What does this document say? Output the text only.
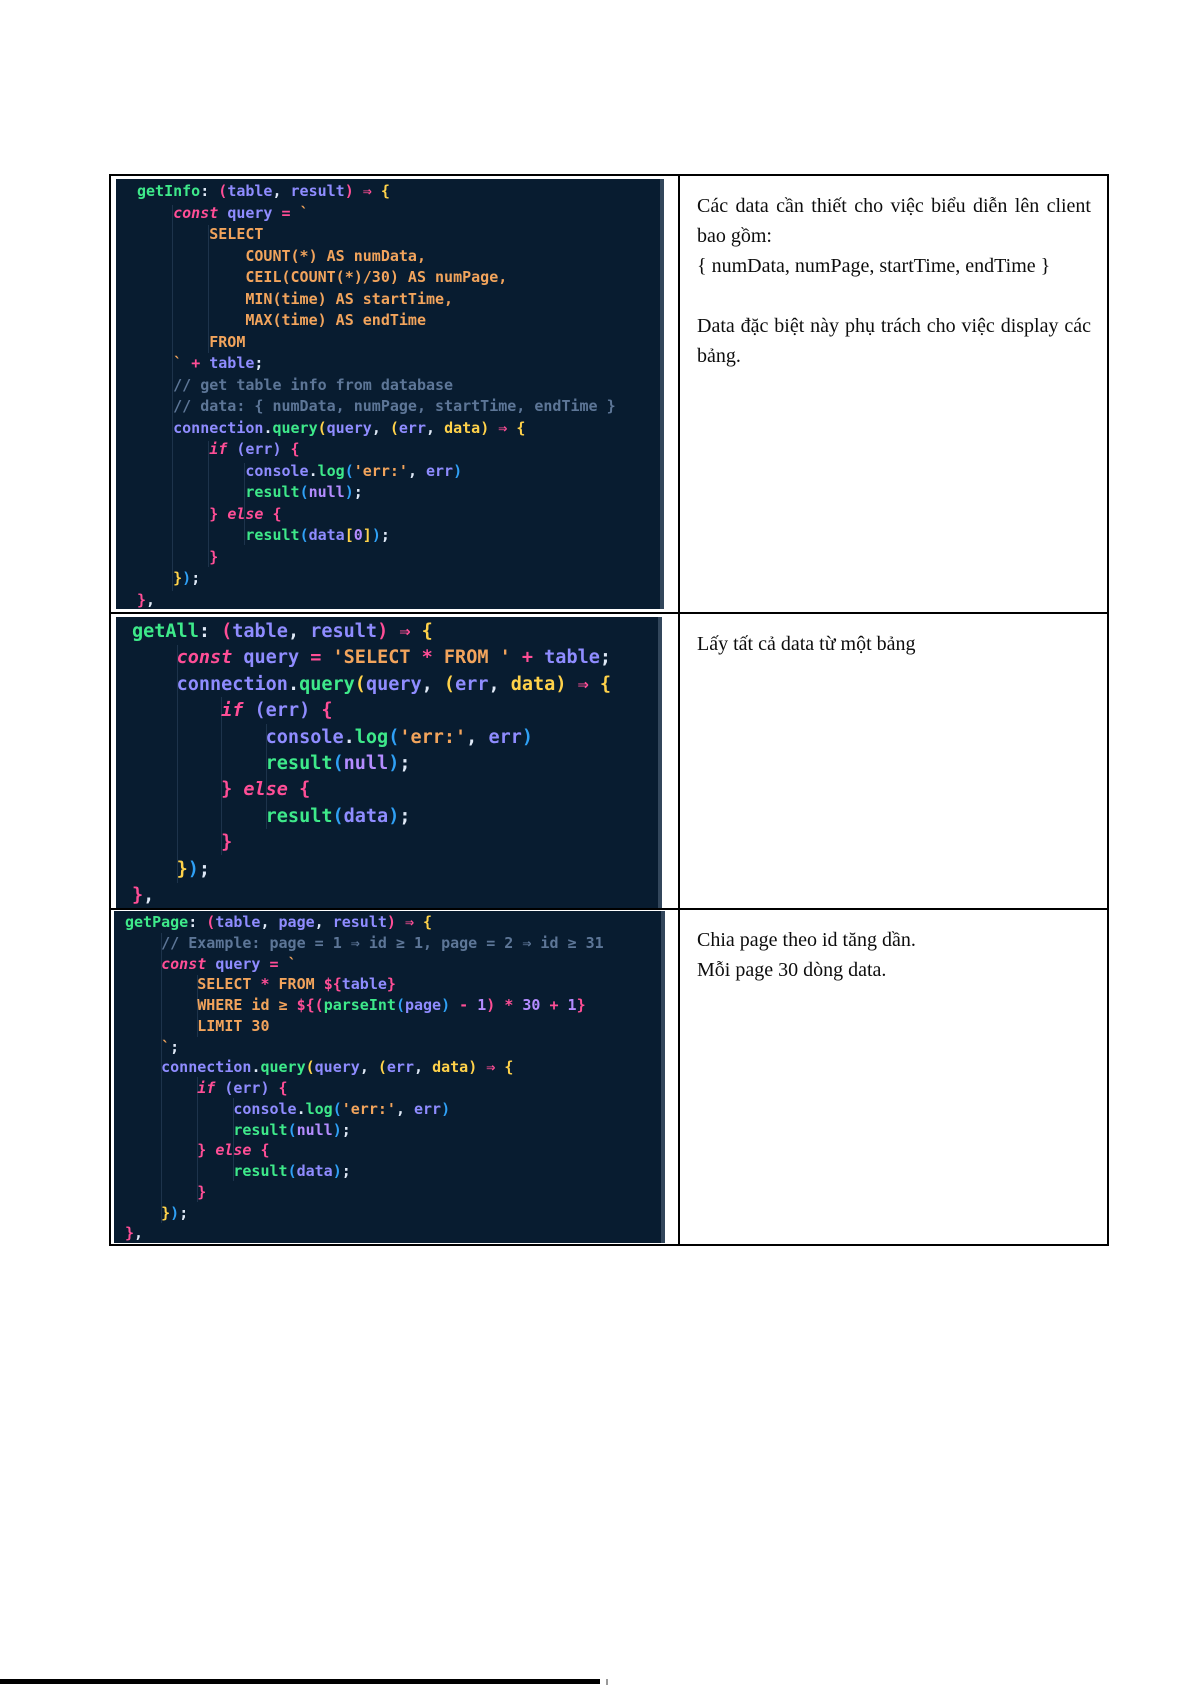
getInfo: (table, result) ⇒ {
const query = `
SELECT
COUNT(*) AS numData,
CEIL(COUNT(*)/30) AS numPage,
MIN(time) AS startTime,
MAX(time) AS endTime
FROM
` + table;
// get table info from database
// data: { numData, numPage, startTime, endTime }
connection.query(query, (err, data) ⇒ {
if (err) {
console.log('err:', err)
result(null);
} else {
result(data[0]);
}
});
},

Các data cần thiết cho việc biểu diễn lên client bao gồm:

{ numData, numPage, startTime, endTime }

Data đặc biệt này phụ trách cho việc display các bảng.

getAll: (table, result) ⇒ {
const query = 'SELECT * FROM ' + table;
connection.query(query, (err, data) ⇒ {
if (err) {
console.log('err:', err)
result(null);
} else {
result(data);
}
});
},

Lấy tất cả data từ một bảng

getPage: (table, page, result) ⇒ {
// Example: page = 1 ⇒ id ≥ 1, page = 2 ⇒ id ≥ 31
const query = `
SELECT * FROM ${table}
WHERE id ≥ ${(parseInt(page) - 1) * 30 + 1}
LIMIT 30
`;
connection.query(query, (err, data) ⇒ {
if (err) {
console.log('err:', err)
result(null);
} else {
result(data);
}
});
},

Chia page theo id tăng dần.

Mỗi page 30 dòng data.
